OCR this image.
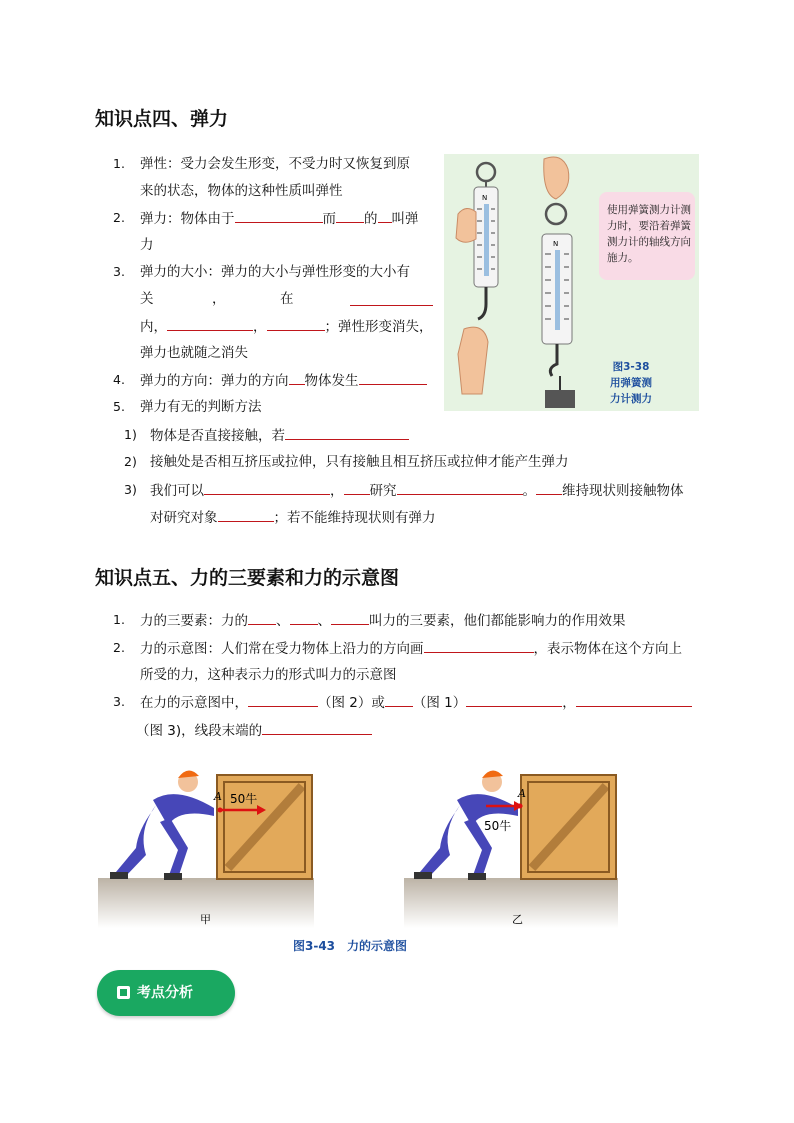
知识点四、弹力
1. 弹性：受力会发生形变，不受力时又恢复到原
来的状态，物体的这种性质叫弹性
2. 弹力：物体由于	而 的 叫弹
力
3. 弹力的大小：弹力的大小与弹性形变的大小有
关	，	在
内，	，	；弹性形变消失，
弹力也就随之消失
4. 弹力的方向：弹力的方向 物体发生
5. 弹力有无的判断方法
1) 物体是否直接接触，若
2) 接触处是否相互挤压或拉伸，只有接触且相互挤压或拉伸才能产生弹力
3) 我们可以	， 研究	。 维持现状则接触物体
对研究对象	；若不能维持现状则有弹力
N
N
使用弹簧测力计测力时，要沿着弹簧测力计的轴线方向施力。
图3-38
用弹簧测
力计测力
知识点五、力的三要素和力的示意图
1. 力的三要素：力的 、 、	叫力的三要素，他们都能影响力的作用效果
2. 力的示意图：人们常在受力物体上沿力的方向画	，表示物体在这个方向上
所受的力，这种表示力的形式叫力的示意图
3. 在力的示意图中，	（图 2）或 （图 1）	，
（图 3)，线段末端的
A 50牛	A
50牛
甲	乙
图3-43　力的示意图
考点分析
